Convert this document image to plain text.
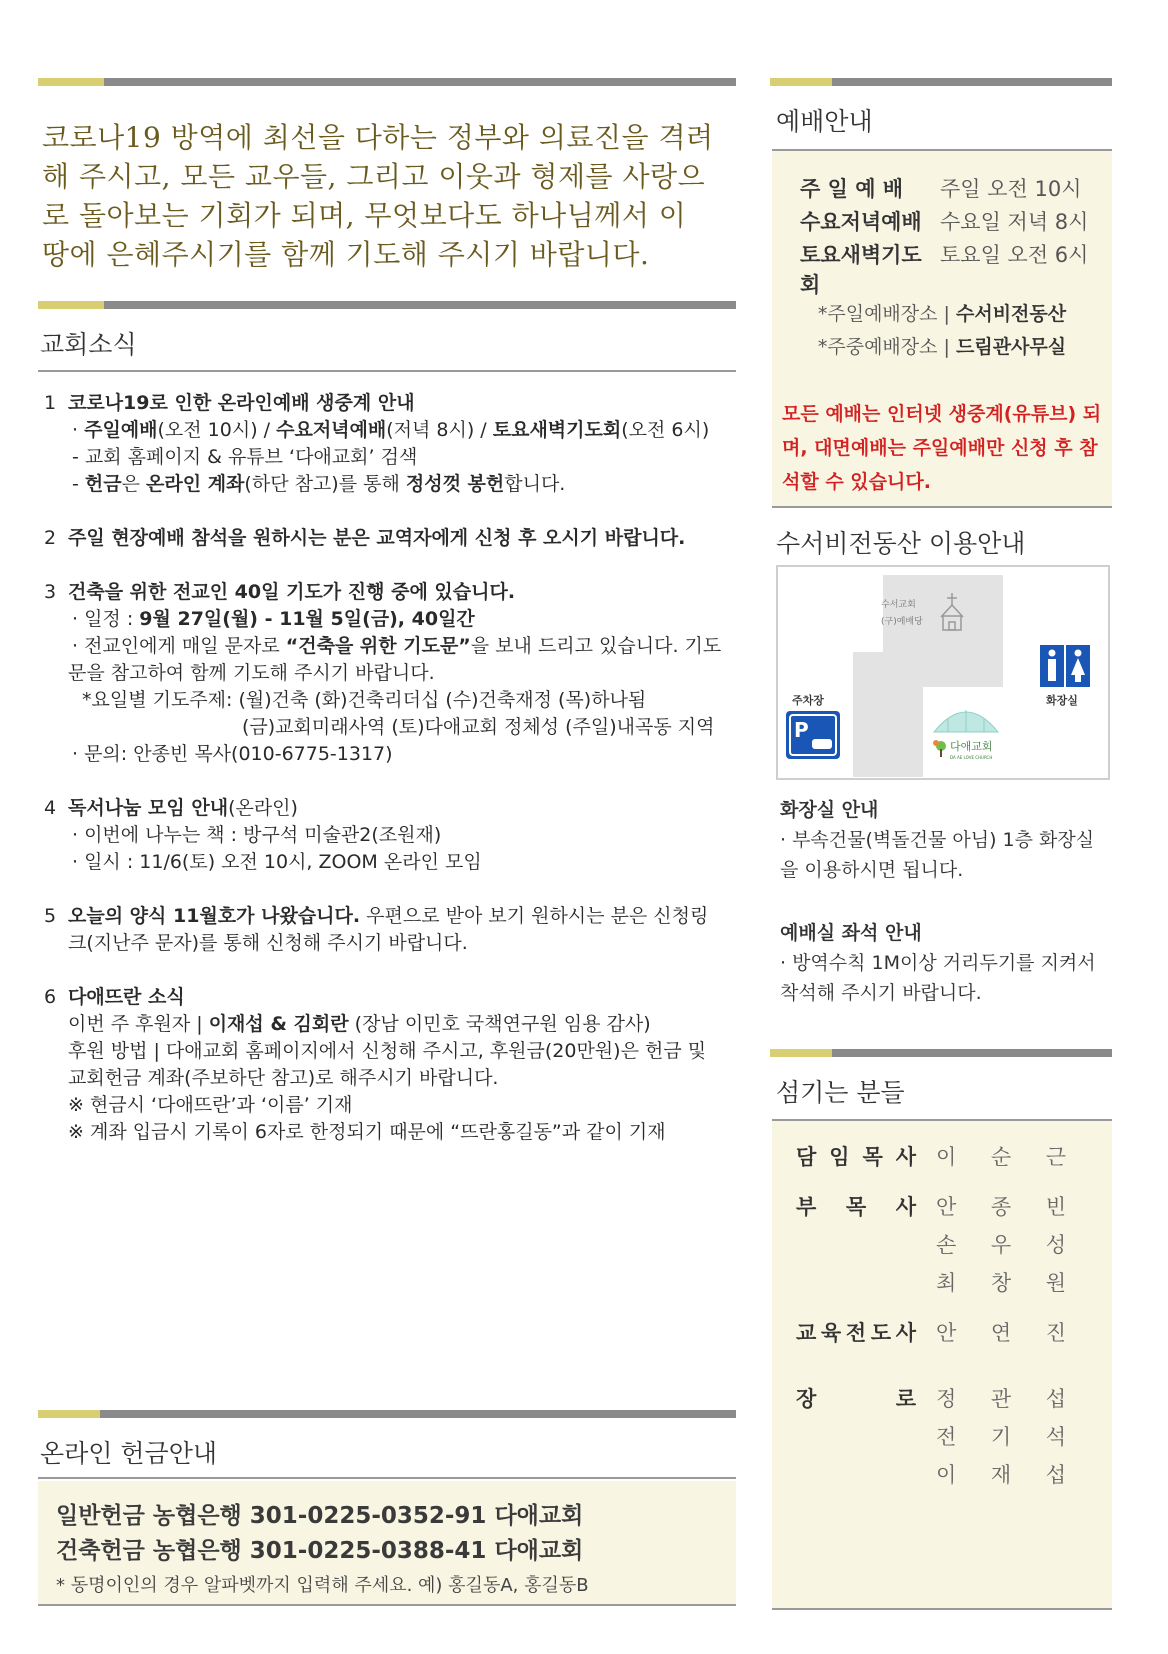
코로나19 방역에 최선을 다하는 정부와 의료진을 격려
해 주시고, 모든 교우들, 그리고 이웃과 형제를 사랑으
로 돌아보는 기회가 되며, 무엇보다도 하나님께서 이
땅에 은혜주시기를 함께 기도해 주시기 바랍니다.
교회소식
1 코로나19로 인한 온라인예배 생중계 안내
· 주일예배(오전 10시) / 수요저녁예배(저녁 8시) / 토요새벽기도회(오전 6시)
- 교회 홈페이지 & 유튜브 ‘다애교회’ 검색
- 헌금은 온라인 계좌(하단 참고)를 통해 정성껏 봉헌합니다.
2 주일 현장예배 참석을 원하시는 분은 교역자에게 신청 후 오시기 바랍니다.
3 건축을 위한 전교인 40일 기도가 진행 중에 있습니다.
· 일정 : 9월 27일(월) - 11월 5일(금), 40일간
· 전교인에게 매일 문자로 “건축을 위한 기도문”을 보내 드리고 있습니다. 기도
문을 참고하여 함께 기도해 주시기 바랍니다.
*요일별 기도주제: (월)건축 (화)건축리더십 (수)건축재정 (목)하나됨
(금)교회미래사역 (토)다애교회 정체성 (주일)내곡동 지역
· 문의: 안종빈 목사(010-6775-1317)
4 독서나눔 모임 안내(온라인)
· 이번에 나누는 책 : 방구석 미술관2(조원재)
· 일시 : 11/6(토) 오전 10시, ZOOM 온라인 모임
5 오늘의 양식 11월호가 나왔습니다. 우편으로 받아 보기 원하시는 분은 신청링
크(지난주 문자)를 통해 신청해 주시기 바랍니다.
6 다애뜨란 소식
이번 주 후원자 | 이재섭 & 김회란 (장남 이민호 국책연구원 임용 감사)
후원 방법 | 다애교회 홈페이지에서 신청해 주시고, 후원금(20만원)은 헌금 및
교회헌금 계좌(주보하단 참고)로 해주시기 바랍니다.
※ 현금시 ‘다애뜨란’과 ‘이름’ 기재
※ 계좌 입금시 기록이 6자로 한정되기 때문에 “뜨란홍길동”과 같이 기재
온라인 헌금안내
일반헌금 농협은행 301-0225-0352-91 다애교회
건축헌금 농협은행 301-0225-0388-41 다애교회
* 동명이인의 경우 알파벳까지 입력해 주세요. 예) 홍길동A, 홍길동B
예배안내
주 일 예 배	주일 오전 10시
수요저녁예배 수요일 저녁 8시
토요새벽기도회
토요일 오전 6시
*주일예배장소 | 수서비전동산
*주중예배장소 | 드림관사무실
모든 예배는 인터넷 생중계(유튜브) 되며, 대면예배는 주일예배만 신청 후 참석할 수 있습니다.
수서비전동산 이용안내
수서교회
(구)예배당
화장실
주차장
P
다애교회
DA AE LOVE CHURCH
화장실 안내
· 부속건물(벽돌건물 아님) 1층 화장실
을 이용하시면 됩니다.
예배실 좌석 안내
· 방역수칙 1M이상 거리두기를 지켜서
착석해 주시기 바랍니다.
섬기는 분들
담 임 목 사 이 순 근
부 목 사 안 종 빈
손 우 성
최 창 원
교 육 전 도 사 안 연 진
장	로 정 관 섭
전 기 석
이 재 섭
